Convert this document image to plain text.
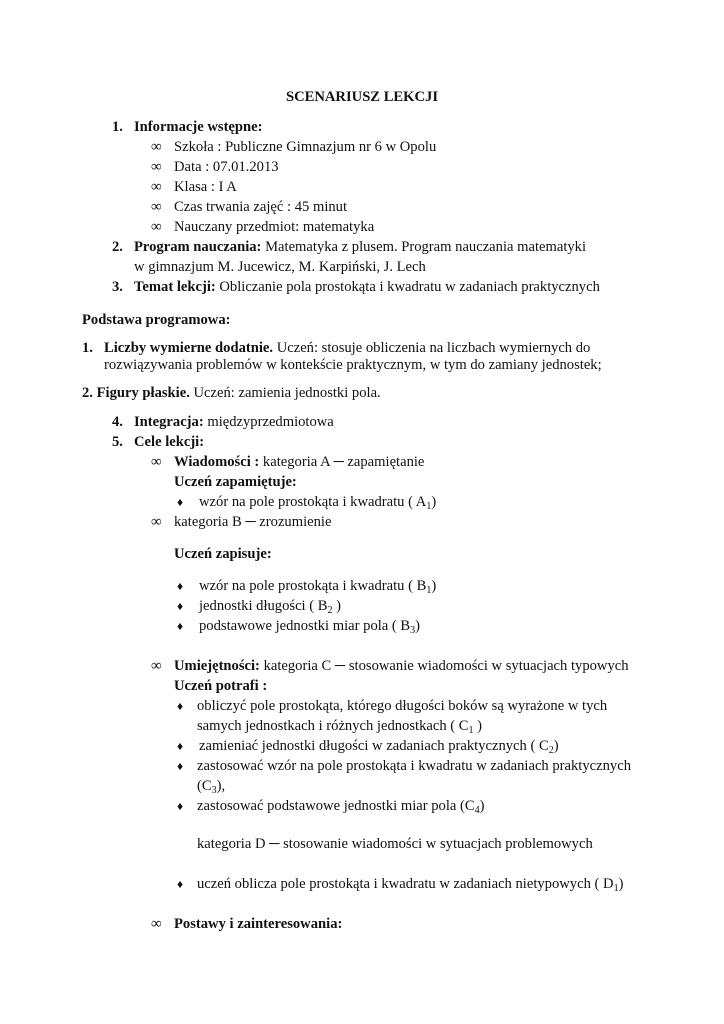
SCENARIUSZ LEKCJI
1. Informacje wstępne:
∞ Szkoła : Publiczne Gimnazjum nr 6 w Opolu
∞ Data : 07.01.2013
∞ Klasa : I A
∞ Czas trwania zajęć : 45 minut
∞ Nauczany przedmiot: matematyka
2. Program nauczania: Matematyka z plusem. Program nauczania matematyki
w gimnazjum M. Jucewicz, M. Karpiński, J. Lech
3. Temat lekcji: Obliczanie pola prostokąta i kwadratu w zadaniach praktycznych
Podstawa programowa:
1. Liczby wymierne dodatnie. Uczeń: stosuje obliczenia na liczbach wymiernych do
rozwiązywania problemów w kontekście praktycznym, w tym do zamiany jednostek;
2. Figury płaskie. Uczeń: zamienia jednostki pola.
4. Integracja: międzyprzedmiotowa
5. Cele lekcji:
∞ Wiadomości : kategoria A ─ zapamiętanie
Uczeń zapamiętuje:
♦ wzór na pole prostokąta i kwadratu ( $A_1$)
∞ kategoria B ─ zrozumienie
Uczeń zapisuje:
♦ wzór na pole prostokąta i kwadratu ( $B_1$)
♦ jednostki długości ( $B_2$ )
♦ podstawowe jednostki miar pola ( $B_3$)
∞ Umiejętności: kategoria C ─ stosowanie wiadomości w sytuacjach typowych
Uczeń potrafi :
♦ obliczyć pole prostokąta, którego długości boków są wyrażone w tych
samych jednostkach i różnych jednostkach ( $C_1$ )
♦ zamieniać jednostki długości w zadaniach praktycznych ( $C_2$)
♦ zastosować wzór na pole prostokąta i kwadratu w zadaniach praktycznych
$(C_3)$,
♦ zastosować podstawowe jednostki miar pola $(C_4)$
kategoria D ─ stosowanie wiadomości w sytuacjach problemowych
♦ uczeń oblicza pole prostokąta i kwadratu w zadaniach nietypowych ( $D_1$)
∞ Postawy i zainteresowania:
